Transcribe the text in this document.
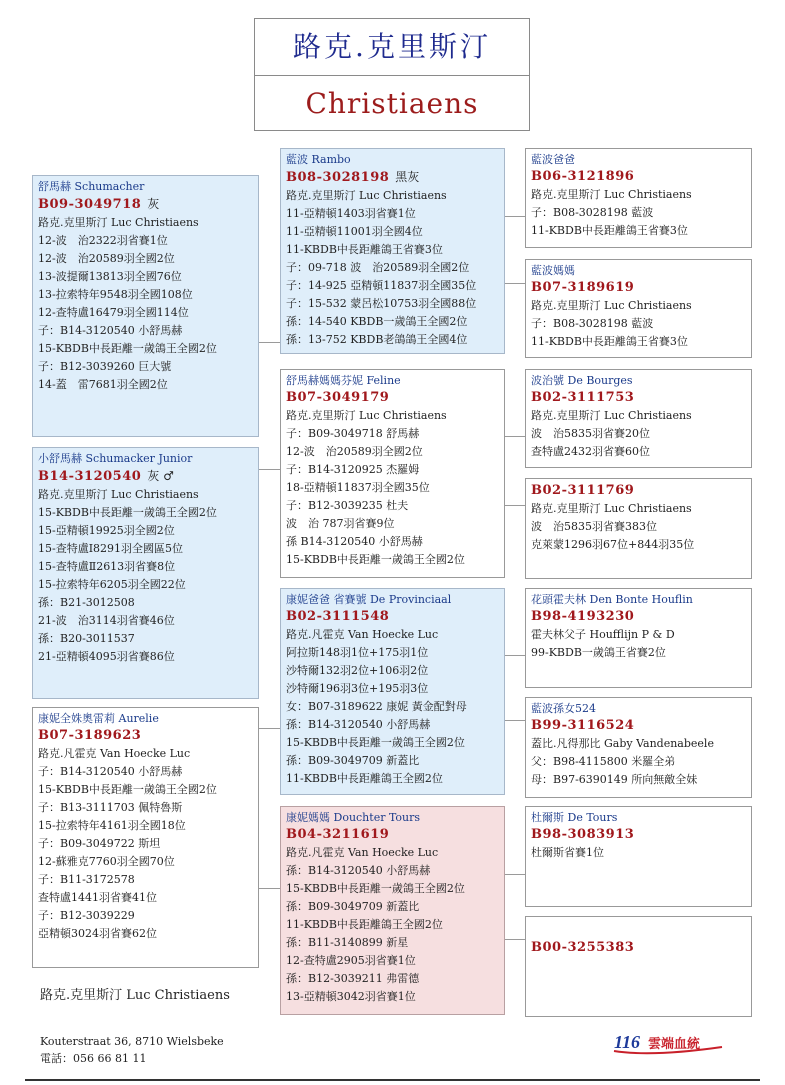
路克.克里斯汀
Christiaens
舒馬赫 Schumacher
B09-3049718 灰
路克.克里斯汀 Luc Christiaens
12-波　治2322羽省賽1位
12-波　治20589羽全國2位
13-波提爾13813羽全國76位
13-拉索特年9548羽全國108位
12-查特盧16479羽全國114位
子：B14-3120540 小舒馬赫
15-KBDB中長距離一歲鴿王全國2位
子：B12-3039260 巨大號
14-蓋　雷7681羽全國2位
小舒馬赫 Schumacker Junior
B14-3120540 灰 ♂
路克.克里斯汀 Luc Christiaens
15-KBDB中長距離一歲鴿王全國2位
15-亞精頓19925羽全國2位
15-查特盧Ⅰ8291羽全國區5位
15-查特盧Ⅱ2613羽省賽8位
15-拉索特年6205羽全國22位
孫：B21-3012508
21-波　治3114羽省賽46位
孫：B20-3011537
21-亞精頓4095羽省賽86位
康妮全姝奧雷莉 Aurelie
B07-3189623
路克.凡霍克 Van Hoecke Luc
子：B14-3120540 小舒馬赫
15-KBDB中長距離一歲鴿王全國2位
子：B13-3111703 佩特魯斯
15-拉索特年4161羽全國18位
子：B09-3049722 斯坦
12-蘇雅克7760羽全國70位
子：B11-3172578
查特盧1441羽省賽41位
子：B12-3039229
亞精頓3024羽省賽62位
藍波 Rambo
B08-3028198 黑灰
路克.克里斯汀 Luc Christiaens
11-亞精頓1403羽省賽1位
11-亞精頓11001羽全國4位
11-KBDB中長距離鴿王省賽3位
子：09-718 波　治20589羽全國2位
子：14-925 亞精頓11837羽全國35位
子：15-532 蒙呂松10753羽全國88位
孫：14-540 KBDB一歲鴿王全國2位
孫：13-752 KBDB老鴿鴿王全國4位
舒馬赫媽媽芬妮 Feline
B07-3049179
路克.克里斯汀 Luc Christiaens
子：B09-3049718 舒馬赫
12-波　治20589羽全國2位
子：B14-3120925 杰羅姆
18-亞精頓11837羽全國35位
子：B12-3039235 杜夫
波　治 787羽省賽9位
孫 B14-3120540 小舒馬赫
15-KBDB中長距離一歲鴿王全國2位
康妮爸爸 省賽號 De Provinciaal
B02-3111548
路克.凡霍克 Van Hoecke Luc
阿拉斯148羽1位+175羽1位
沙特爾132羽2位+106羽2位
沙特爾196羽3位+195羽3位
女：B07-3189622 康妮 黃金配對母
孫：B14-3120540 小舒馬赫
15-KBDB中長距離一歲鴿王全國2位
孫：B09-3049709 新蓋比
11-KBDB中長距離鴿王全國2位
康妮媽媽 Douchter Tours
B04-3211619
路克.凡霍克 Van Hoecke Luc
孫：B14-3120540 小舒馬赫
15-KBDB中長距離一歲鴿王全國2位
孫：B09-3049709 新蓋比
11-KBDB中長距離鴿王全國2位
孫：B11-3140899 新星
12-查特盧2905羽省賽1位
孫：B12-3039211 弗雷德
13-亞精頓3042羽省賽1位
藍波爸爸
B06-3121896
路克.克里斯汀 Luc Christiaens
子：B08-3028198 藍波
11-KBDB中長距離鴿王省賽3位
藍波媽媽
B07-3189619
路克.克里斯汀 Luc Christiaens
子：B08-3028198 藍波
11-KBDB中長距離鴿王省賽3位
波治號 De Bourges
B02-3111753
路克.克里斯汀 Luc Christiaens
波　治5835羽省賽20位
查特盧2432羽省賽60位
B02-3111769
路克.克里斯汀 Luc Christiaens
波　治5835羽省賽383位
克萊蒙1296羽67位+844羽35位
花頭霍夫林 Den Bonte Houflin
B98-4193230
霍夫林父子 Houfflijn P & D
99-KBDB一歲鴿王省賽2位
藍波孫女524
B99-3116524
蓋比.凡得那比 Gaby Vandenabeele
父：B98-4115800 米羅全弟
母：B97-6390149 所向無敵全妹
杜爾斯 De Tours
B98-3083913
杜爾斯省賽1位
B00-3255383
路克.克里斯汀 Luc Christiaens
Kouterstraat 36, 8710 Wielsbeke
電話：056 66 81 11
116 雲端血統
